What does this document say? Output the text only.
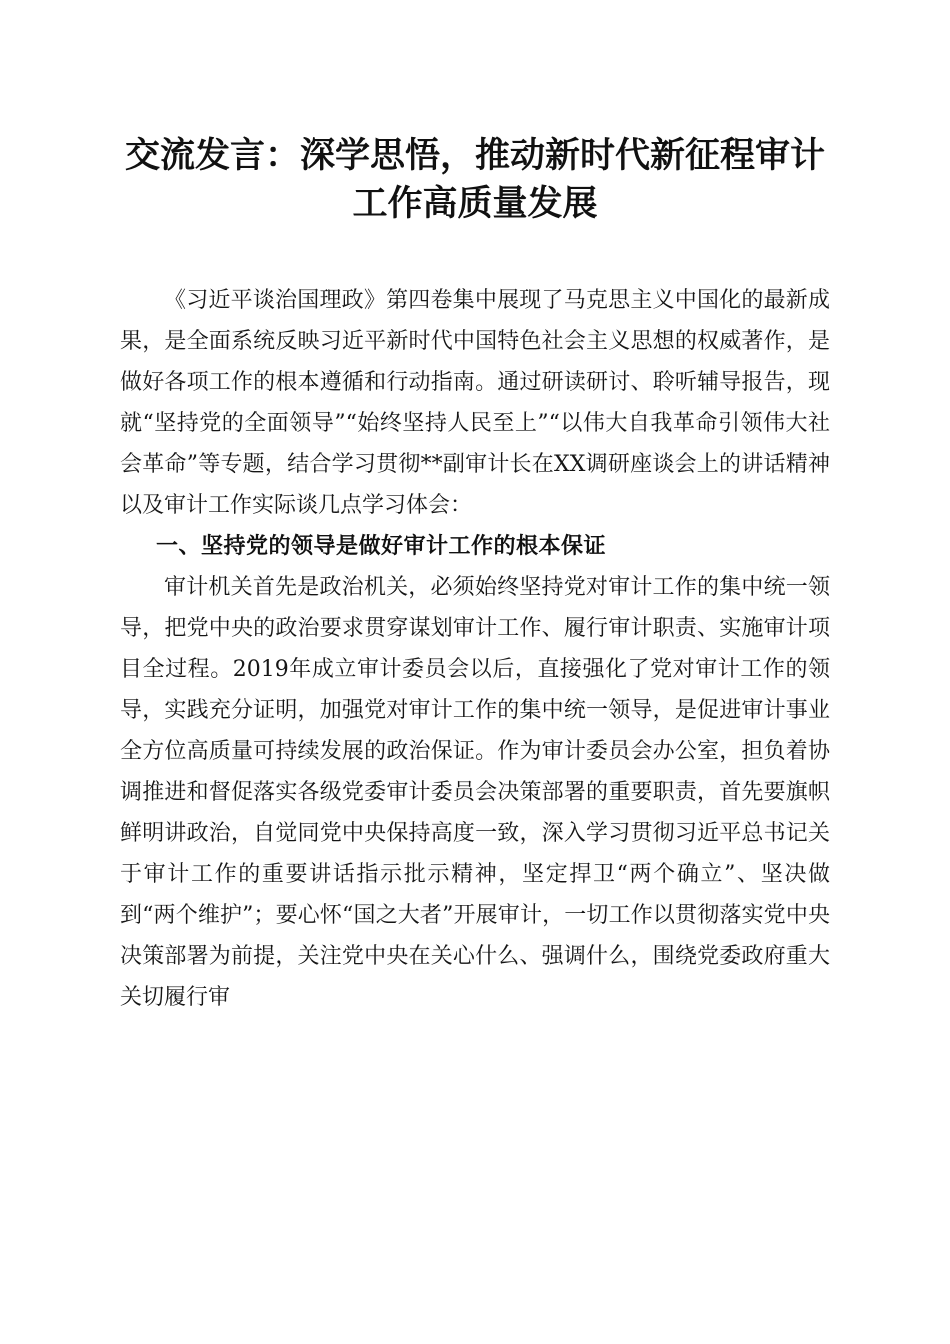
交流发言：深学思悟，推动新时代新征程审计
工作高质量发展

《习近平谈治国理政》第四卷集中展现了马克思主义中国化的最新成果，是全面系统反映习近平新时代中国特色社会主义思想的权威著作，是做好各项工作的根本遵循和行动指南。通过研读研讨、聆听辅导报告，现就“坚持党的全面领导”“始终坚持人民至上”“以伟大自我革命引领伟大社会革命”等专题，结合学习贯彻**副审计长在XX调研座谈会上的讲话精神以及审计工作实际谈几点学习体会：

一、坚持党的领导是做好审计工作的根本保证

审计机关首先是政治机关，必须始终坚持党对审计工作的集中统一领导，把党中央的政治要求贯穿谋划审计工作、履行审计职责、实施审计项目全过程。2019年成立审计委员会以后，直接强化了党对审计工作的领导，实践充分证明，加强党对审计工作的集中统一领导，是促进审计事业全方位高质量可持续发展的政治保证。作为审计委员会办公室，担负着协调推进和督促落实各级党委审计委员会决策部署的重要职责，首先要旗帜鲜明讲政治，自觉同党中央保持高度一致，深入学习贯彻习近平总书记关于审计工作的重要讲话指示批示精神，坚定捍卫“两个确立”、坚决做到“两个维护”；要心怀“国之大者”开展审计，一切工作以贯彻落实党中央决策部署为前提，关注党中央在关心什么、强调什么，围绕党委政府重大关切履行审
